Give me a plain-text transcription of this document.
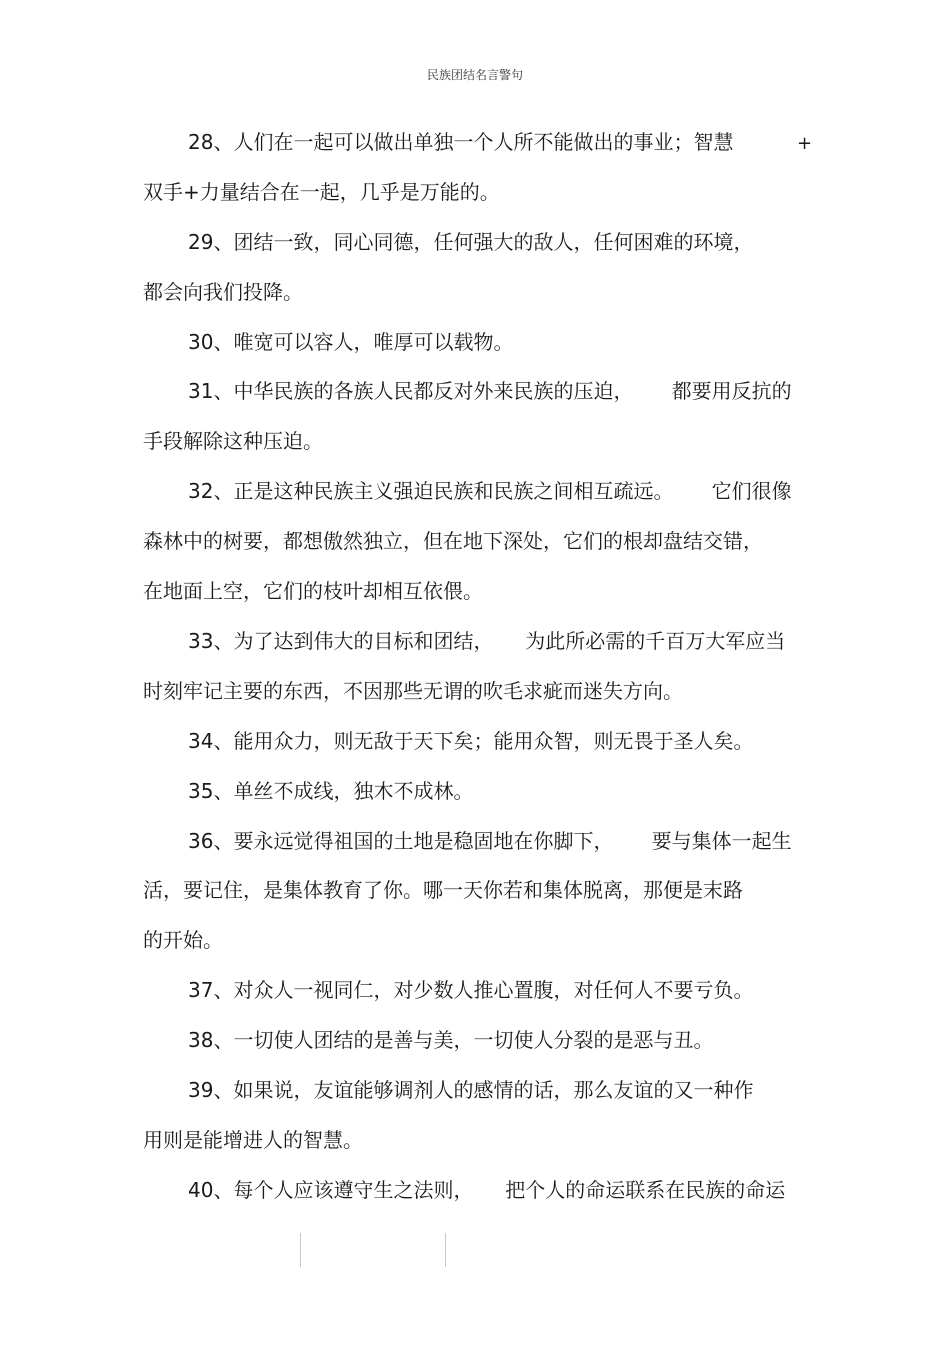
民族团结名言警句
28、人们在一起可以做出单独一个人所不能做出的事业；智慧	+
双手+力量结合在一起，几乎是万能的。
29、团结一致，同心同德，任何强大的敌人，任何困难的环境，
都会向我们投降。
30、唯宽可以容人，唯厚可以载物。
31、中华民族的各族人民都反对外来民族的压迫，      都要用反抗的
手段解除这种压迫。
32、正是这种民族主义强迫民族和民族之间相互疏远。      它们很像
森林中的树要，都想傲然独立，但在地下深处，它们的根却盘结交错，
在地面上空，它们的枝叶却相互依偎。
33、为了达到伟大的目标和团结，     为此所必需的千百万大军应当
时刻牢记主要的东西，不因那些无谓的吹毛求疵而迷失方向。
34、能用众力，则无敌于天下矣；能用众智，则无畏于圣人矣。
35、单丝不成线，独木不成林。
36、要永远觉得祖国的土地是稳固地在你脚下，      要与集体一起生
活，要记住，是集体教育了你。哪一天你若和集体脱离，那便是末路
的开始。
37、对众人一视同仁，对少数人推心置腹，对任何人不要亏负。
38、一切使人团结的是善与美，一切使人分裂的是恶与丑。
39、如果说，友谊能够调剂人的感情的话，那么友谊的又一种作
用则是能增进人的智慧。
40、每个人应该遵守生之法则，     把个人的命运联系在民族的命运
